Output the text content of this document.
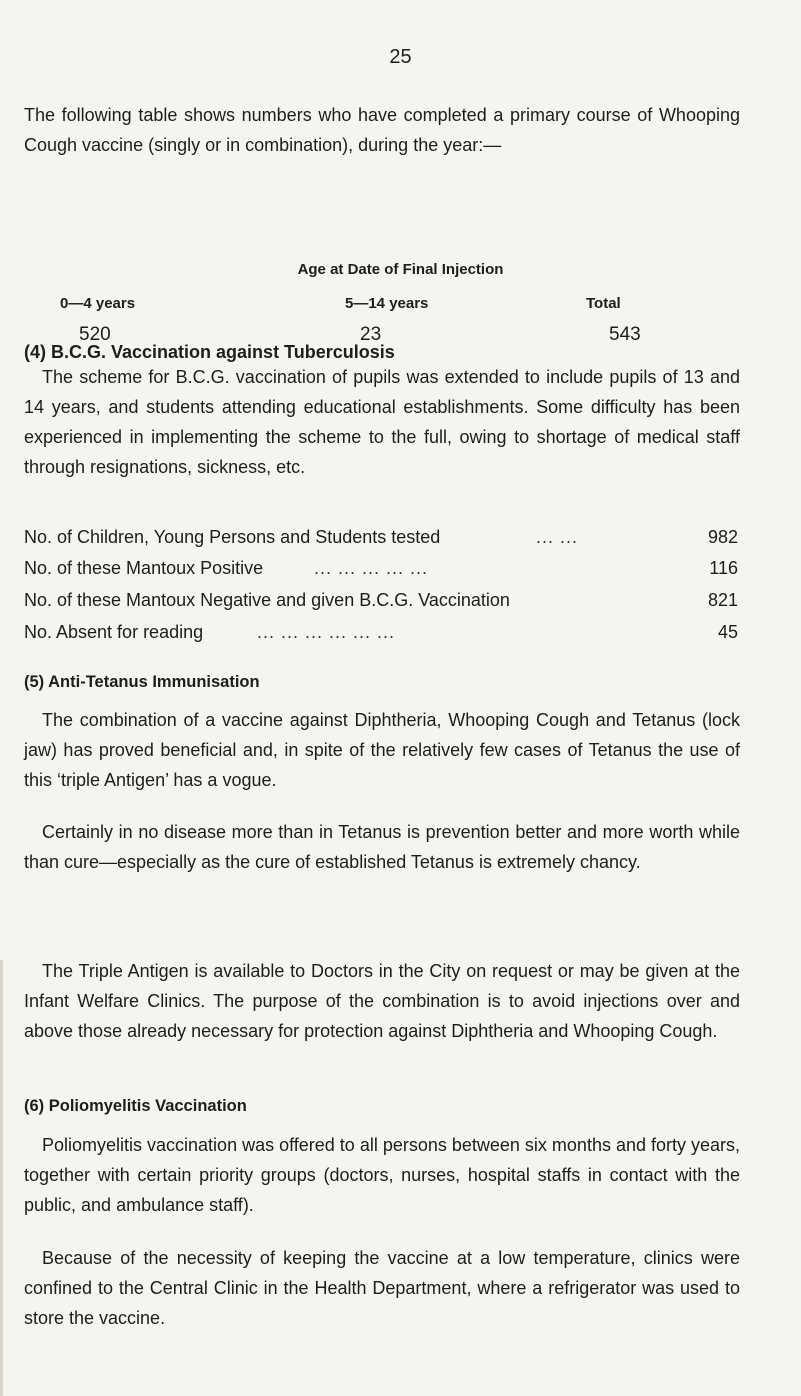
25

The following table shows numbers who have completed a primary course of Whooping Cough vaccine (singly or in combination), during the year:—

Age at Date of Final Injection
0—4 years	5—14 years	Total
520	23	543
(4) B.C.G. Vaccination against Tuberculosis

The scheme for B.C.G. vaccination of pupils was extended to include pupils of 13 and 14 years, and students attending educational establishments. Some difficulty has been experienced in implementing the scheme to the full, owing to shortage of medical staff through resignations, sickness, etc.

No. of Children, Young Persons and Students tested	... ...	982
No. of these Mantoux Positive	... ... ... ... ...	116
No. of these Mantoux Negative and given B.C.G. Vaccination	821
No. Absent for reading	... ... ... ... ... ...	45
(5) Anti-Tetanus Immunisation

The combination of a vaccine against Diphtheria, Whooping Cough and Tetanus (lock jaw) has proved beneficial and, in spite of the relatively few cases of Tetanus the use of this ‘triple Antigen’ has a vogue.

Certainly in no disease more than in Tetanus is prevention better and more worth while than cure—especially as the cure of established Tetanus is extremely chancy.

The Triple Antigen is available to Doctors in the City on request or may be given at the Infant Welfare Clinics. The purpose of the combination is to avoid injections over and above those already necessary for protection against Diphtheria and Whooping Cough.

(6) Poliomyelitis Vaccination

Poliomyelitis vaccination was offered to all persons between six months and forty years, together with certain priority groups (doctors, nurses, hospital staffs in contact with the public, and ambulance staff).

Because of the necessity of keeping the vaccine at a low temperature, clinics were confined to the Central Clinic in the Health Department, where a refrigerator was used to store the vaccine.
